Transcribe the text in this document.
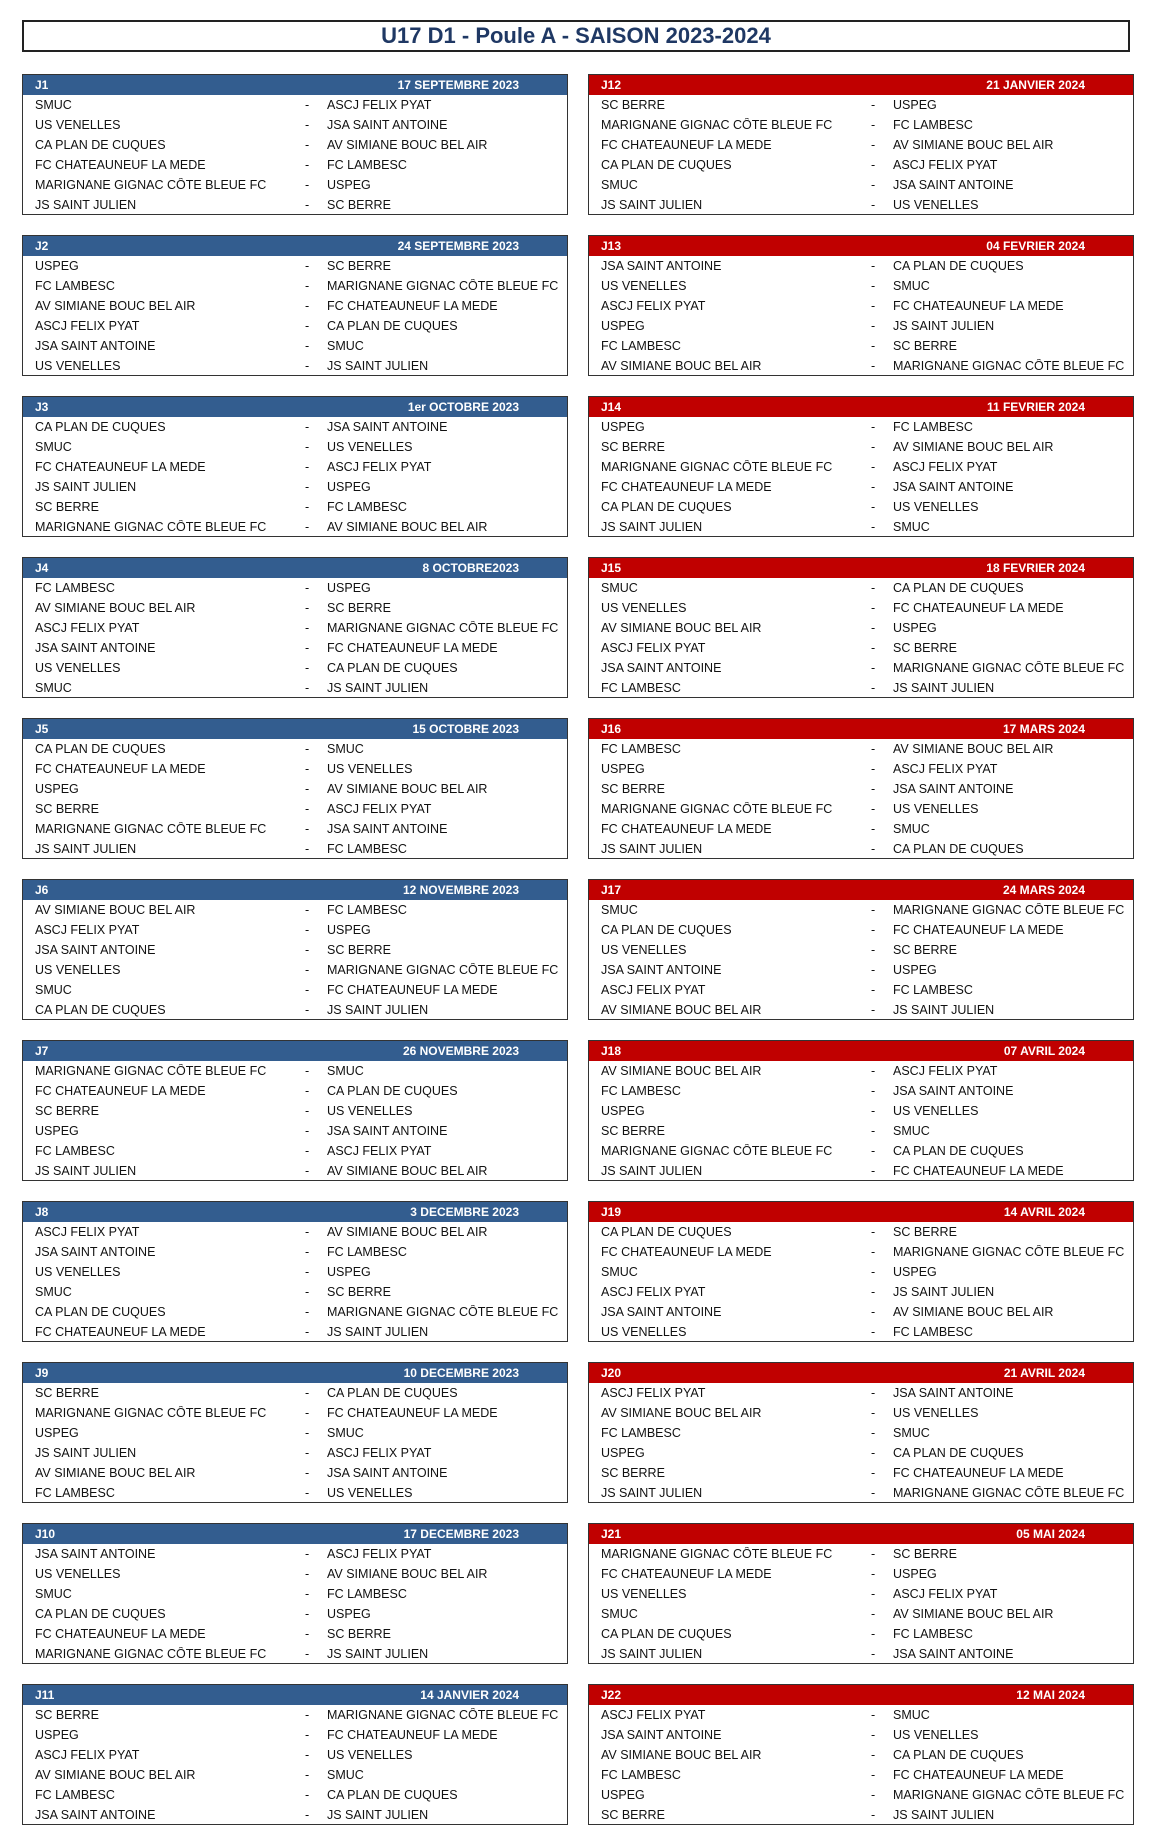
U17 D1 - Poule A - SAISON 2023-2024
J1	17 SEPTEMBRE 2023
SMUC	-	ASCJ FELIX PYAT
US VENELLES	-	JSA SAINT ANTOINE
CA PLAN DE CUQUES	-	AV SIMIANE BOUC BEL AIR
FC CHATEAUNEUF LA MEDE	-	FC LAMBESC
MARIGNANE GIGNAC CÔTE BLEUE FC	-	USPEG
JS SAINT JULIEN	-	SC BERRE
J12	21 JANVIER 2024
SC BERRE	-	USPEG
MARIGNANE GIGNAC CÔTE BLEUE FC	-	FC LAMBESC
FC CHATEAUNEUF LA MEDE	-	AV SIMIANE BOUC BEL AIR
CA PLAN DE CUQUES	-	ASCJ FELIX PYAT
SMUC	-	JSA SAINT ANTOINE
JS SAINT JULIEN	-	US VENELLES
J2	24 SEPTEMBRE 2023
USPEG	-	SC BERRE
FC LAMBESC	-	MARIGNANE GIGNAC CÔTE BLEUE FC
AV SIMIANE BOUC BEL AIR	-	FC CHATEAUNEUF LA MEDE
ASCJ FELIX PYAT	-	CA PLAN DE CUQUES
JSA SAINT ANTOINE	-	SMUC
US VENELLES	-	JS SAINT JULIEN
J13	04 FEVRIER 2024
JSA SAINT ANTOINE	-	CA PLAN DE CUQUES
US VENELLES	-	SMUC
ASCJ FELIX PYAT	-	FC CHATEAUNEUF LA MEDE
USPEG	-	JS SAINT JULIEN
FC LAMBESC	-	SC BERRE
AV SIMIANE BOUC BEL AIR	-	MARIGNANE GIGNAC CÔTE BLEUE FC
J3	1er OCTOBRE 2023
CA PLAN DE CUQUES	-	JSA SAINT ANTOINE
SMUC	-	US VENELLES
FC CHATEAUNEUF LA MEDE	-	ASCJ FELIX PYAT
JS SAINT JULIEN	-	USPEG
SC BERRE	-	FC LAMBESC
MARIGNANE GIGNAC CÔTE BLEUE FC	-	AV SIMIANE BOUC BEL AIR
J14	11 FEVRIER 2024
USPEG	-	FC LAMBESC
SC BERRE	-	AV SIMIANE BOUC BEL AIR
MARIGNANE GIGNAC CÔTE BLEUE FC	-	ASCJ FELIX PYAT
FC CHATEAUNEUF LA MEDE	-	JSA SAINT ANTOINE
CA PLAN DE CUQUES	-	US VENELLES
JS SAINT JULIEN	-	SMUC
J4	8 OCTOBRE2023
FC LAMBESC	-	USPEG
AV SIMIANE BOUC BEL AIR	-	SC BERRE
ASCJ FELIX PYAT	-	MARIGNANE GIGNAC CÔTE BLEUE FC
JSA SAINT ANTOINE	-	FC CHATEAUNEUF LA MEDE
US VENELLES	-	CA PLAN DE CUQUES
SMUC	-	JS SAINT JULIEN
J15	18 FEVRIER 2024
SMUC	-	CA PLAN DE CUQUES
US VENELLES	-	FC CHATEAUNEUF LA MEDE
AV SIMIANE BOUC BEL AIR	-	USPEG
ASCJ FELIX PYAT	-	SC BERRE
JSA SAINT ANTOINE	-	MARIGNANE GIGNAC CÔTE BLEUE FC
FC LAMBESC	-	JS SAINT JULIEN
J5	15 OCTOBRE 2023
CA PLAN DE CUQUES	-	SMUC
FC CHATEAUNEUF LA MEDE	-	US VENELLES
USPEG	-	AV SIMIANE BOUC BEL AIR
SC BERRE	-	ASCJ FELIX PYAT
MARIGNANE GIGNAC CÔTE BLEUE FC	-	JSA SAINT ANTOINE
JS SAINT JULIEN	-	FC LAMBESC
J16	17 MARS 2024
FC LAMBESC	-	AV SIMIANE BOUC BEL AIR
USPEG	-	ASCJ FELIX PYAT
SC BERRE	-	JSA SAINT ANTOINE
MARIGNANE GIGNAC CÔTE BLEUE FC	-	US VENELLES
FC CHATEAUNEUF LA MEDE	-	SMUC
JS SAINT JULIEN	-	CA PLAN DE CUQUES
J6	12 NOVEMBRE 2023
AV SIMIANE BOUC BEL AIR	-	FC LAMBESC
ASCJ FELIX PYAT	-	USPEG
JSA SAINT ANTOINE	-	SC BERRE
US VENELLES	-	MARIGNANE GIGNAC CÔTE BLEUE FC
SMUC	-	FC CHATEAUNEUF LA MEDE
CA PLAN DE CUQUES	-	JS SAINT JULIEN
J17	24 MARS 2024
SMUC	-	MARIGNANE GIGNAC CÔTE BLEUE FC
CA PLAN DE CUQUES	-	FC CHATEAUNEUF LA MEDE
US VENELLES	-	SC BERRE
JSA SAINT ANTOINE	-	USPEG
ASCJ FELIX PYAT	-	FC LAMBESC
AV SIMIANE BOUC BEL AIR	-	JS SAINT JULIEN
J7	26 NOVEMBRE 2023
MARIGNANE GIGNAC CÔTE BLEUE FC	-	SMUC
FC CHATEAUNEUF LA MEDE	-	CA PLAN DE CUQUES
SC BERRE	-	US VENELLES
USPEG	-	JSA SAINT ANTOINE
FC LAMBESC	-	ASCJ FELIX PYAT
JS SAINT JULIEN	-	AV SIMIANE BOUC BEL AIR
J18	07 AVRIL 2024
AV SIMIANE BOUC BEL AIR	-	ASCJ FELIX PYAT
FC LAMBESC	-	JSA SAINT ANTOINE
USPEG	-	US VENELLES
SC BERRE	-	SMUC
MARIGNANE GIGNAC CÔTE BLEUE FC	-	CA PLAN DE CUQUES
JS SAINT JULIEN	-	FC CHATEAUNEUF LA MEDE
J8	3 DECEMBRE 2023
ASCJ FELIX PYAT	-	AV SIMIANE BOUC BEL AIR
JSA SAINT ANTOINE	-	FC LAMBESC
US VENELLES	-	USPEG
SMUC	-	SC BERRE
CA PLAN DE CUQUES	-	MARIGNANE GIGNAC CÔTE BLEUE FC
FC CHATEAUNEUF LA MEDE	-	JS SAINT JULIEN
J19	14 AVRIL 2024
CA PLAN DE CUQUES	-	SC BERRE
FC CHATEAUNEUF LA MEDE	-	MARIGNANE GIGNAC CÔTE BLEUE FC
SMUC	-	USPEG
ASCJ FELIX PYAT	-	JS SAINT JULIEN
JSA SAINT ANTOINE	-	AV SIMIANE BOUC BEL AIR
US VENELLES	-	FC LAMBESC
J9	10 DECEMBRE 2023
SC BERRE	-	CA PLAN DE CUQUES
MARIGNANE GIGNAC CÔTE BLEUE FC	-	FC CHATEAUNEUF LA MEDE
USPEG	-	SMUC
JS SAINT JULIEN	-	ASCJ FELIX PYAT
AV SIMIANE BOUC BEL AIR	-	JSA SAINT ANTOINE
FC LAMBESC	-	US VENELLES
J20	21 AVRIL 2024
ASCJ FELIX PYAT	-	JSA SAINT ANTOINE
AV SIMIANE BOUC BEL AIR	-	US VENELLES
FC LAMBESC	-	SMUC
USPEG	-	CA PLAN DE CUQUES
SC BERRE	-	FC CHATEAUNEUF LA MEDE
JS SAINT JULIEN	-	MARIGNANE GIGNAC CÔTE BLEUE FC
J10	17 DECEMBRE 2023
JSA SAINT ANTOINE	-	ASCJ FELIX PYAT
US VENELLES	-	AV SIMIANE BOUC BEL AIR
SMUC	-	FC LAMBESC
CA PLAN DE CUQUES	-	USPEG
FC CHATEAUNEUF LA MEDE	-	SC BERRE
MARIGNANE GIGNAC CÔTE BLEUE FC	-	JS SAINT JULIEN
J21	05 MAI 2024
MARIGNANE GIGNAC CÔTE BLEUE FC	-	SC BERRE
FC CHATEAUNEUF LA MEDE	-	USPEG
US VENELLES	-	ASCJ FELIX PYAT
SMUC	-	AV SIMIANE BOUC BEL AIR
CA PLAN DE CUQUES	-	FC LAMBESC
JS SAINT JULIEN	-	JSA SAINT ANTOINE
J11	14 JANVIER 2024
SC BERRE	-	MARIGNANE GIGNAC CÔTE BLEUE FC
USPEG	-	FC CHATEAUNEUF LA MEDE
ASCJ FELIX PYAT	-	US VENELLES
AV SIMIANE BOUC BEL AIR	-	SMUC
FC LAMBESC	-	CA PLAN DE CUQUES
JSA SAINT ANTOINE	-	JS SAINT JULIEN
J22	12 MAI 2024
ASCJ FELIX PYAT	-	SMUC
JSA SAINT ANTOINE	-	US VENELLES
AV SIMIANE BOUC BEL AIR	-	CA PLAN DE CUQUES
FC LAMBESC	-	FC CHATEAUNEUF LA MEDE
USPEG	-	MARIGNANE GIGNAC CÔTE BLEUE FC
SC BERRE	-	JS SAINT JULIEN
